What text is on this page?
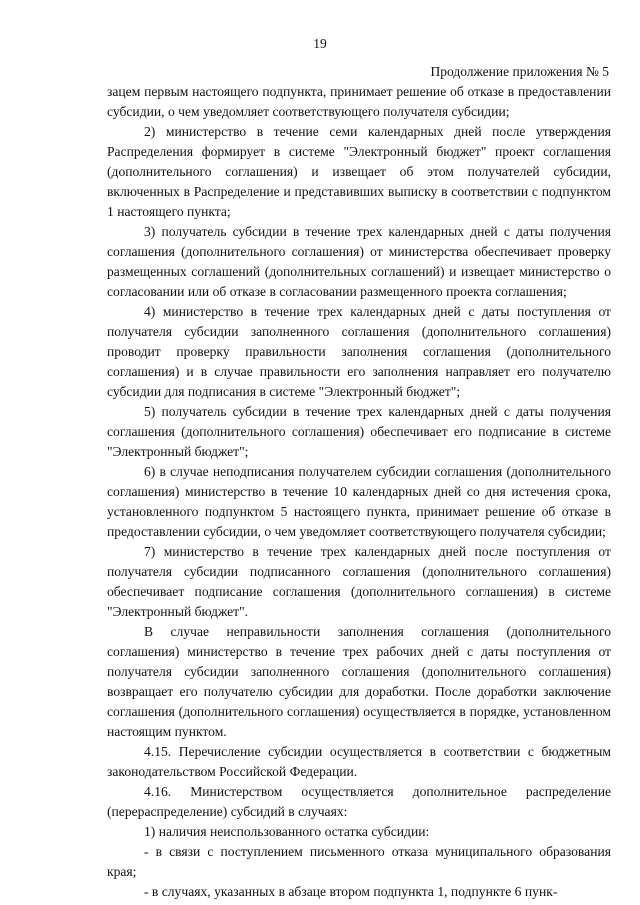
19
Продолжение приложения № 5

зацем первым настоящего подпункта, принимает решение об отказе в предоставлении субсидии, о чем уведомляет соответствующего получателя субсидии;

2) министерство в течение семи календарных дней после утверждения Распределения формирует в системе "Электронный бюджет" проект соглашения (дополнительного соглашения) и извещает об этом получателей субсидии, включенных в Распределение и представивших выписку в соответствии с подпунктом 1 настоящего пункта;

3) получатель субсидии в течение трех календарных дней с даты получения соглашения (дополнительного соглашения) от министерства обеспечивает проверку размещенных соглашений (дополнительных соглашений) и извещает министерство о согласовании или об отказе в согласовании размещенного проекта соглашения;

4) министерство в течение трех календарных дней с даты поступления от получателя субсидии заполненного соглашения (дополнительного соглашения) проводит проверку правильности заполнения соглашения (дополнительного соглашения) и в случае правильности его заполнения направляет его получателю субсидии для подписания в системе "Электронный бюджет";

5) получатель субсидии в течение трех календарных дней с даты получения соглашения (дополнительного соглашения) обеспечивает его подписание в системе "Электронный бюджет";

6) в случае неподписания получателем субсидии соглашения (дополнительного соглашения) министерство в течение 10 календарных дней со дня истечения срока, установленного подпунктом 5 настоящего пункта, принимает решение об отказе в предоставлении субсидии, о чем уведомляет соответствующего получателя субсидии;

7) министерство в течение трех календарных дней после поступления от получателя субсидии подписанного соглашения (дополнительного соглашения) обеспечивает подписание соглашения (дополнительного соглашения) в системе "Электронный бюджет".

В случае неправильности заполнения соглашения (дополнительного соглашения) министерство в течение трех рабочих дней с даты поступления от получателя субсидии заполненного соглашения (дополнительного соглашения) возвращает его получателю субсидии для доработки. После доработки заключение соглашения (дополнительного соглашения) осуществляется в порядке, установленном настоящим пунктом.

4.15. Перечисление субсидии осуществляется в соответствии с бюджетным законодательством Российской Федерации.

4.16. Министерством осуществляется дополнительное распределение (перераспределение) субсидий в случаях:

1) наличия неиспользованного остатка субсидии:

- в связи с поступлением письменного отказа муниципального образования края;

- в случаях, указанных в абзаце втором подпункта 1, подпункте 6 пунк-
